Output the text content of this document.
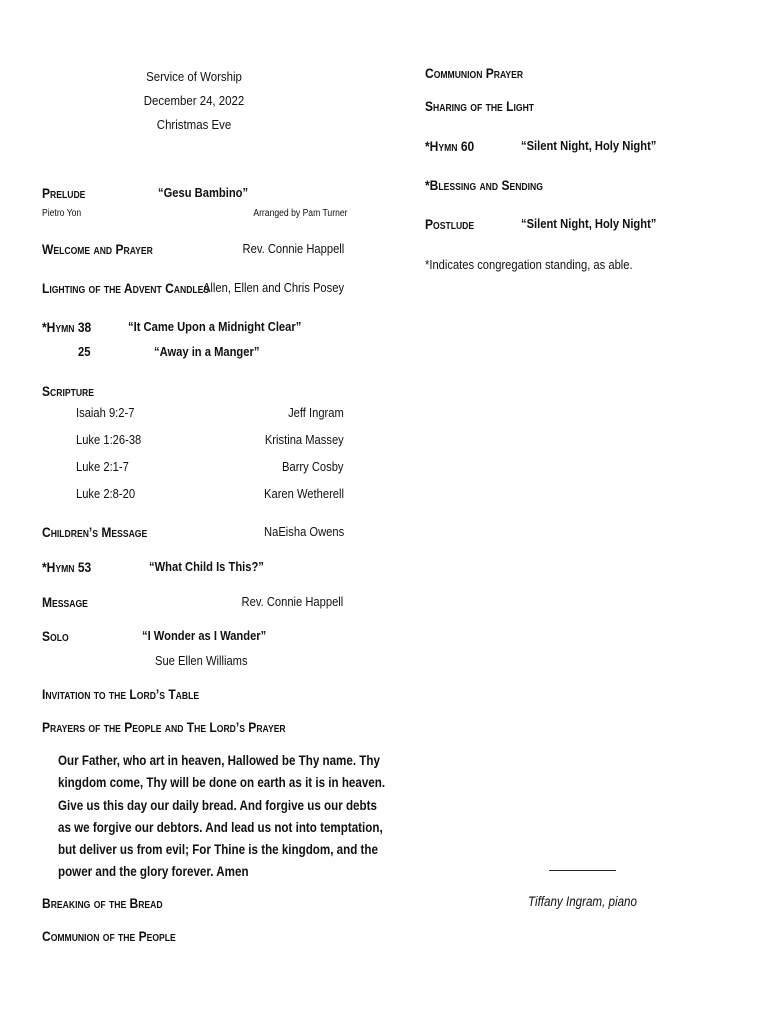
Service of Worship
December 24, 2022
Christmas Eve
Prelude	“Gesu Bambino”
Pietro Yon	Arranged by Pam Turner
Welcome and Prayer	Rev. Connie Happell
Lighting of the Advent Candles
Allen, Ellen and Chris Posey
*Hymn 38	“It Came Upon a Midnight Clear”
25	“Away in a Manger”
Scripture
Isaiah 9:2-7	Jeff Ingram
Luke 1:26-38	Kristina Massey
Luke 2:1-7	Barry Cosby
Luke 2:8-20	Karen Wetherell
Children’s Message	NaEisha Owens
*Hymn 53	“What Child Is This?”
Message	Rev. Connie Happell
Solo	“I Wonder as I Wander”
Sue Ellen Williams
Invitation to the Lord’s Table
Prayers of the People and The Lord’s Prayer
Our Father, who art in heaven, Hallowed be Thy name. Thy
kingdom come, Thy will be done on earth as it is in heaven.
Give us this day our daily bread. And forgive us our debts
as we forgive our debtors. And lead us not into temptation,
but deliver us from evil; For Thine is the kingdom, and the
power and the glory forever. Amen
Breaking of the Bread
Communion of the People
Communion Prayer
Sharing of the Light
*Hymn 60	“Silent Night, Holy Night”
*Blessing and Sending
Postlude	“Silent Night, Holy Night”
*Indicates congregation standing, as able.
Tiffany Ingram, piano
